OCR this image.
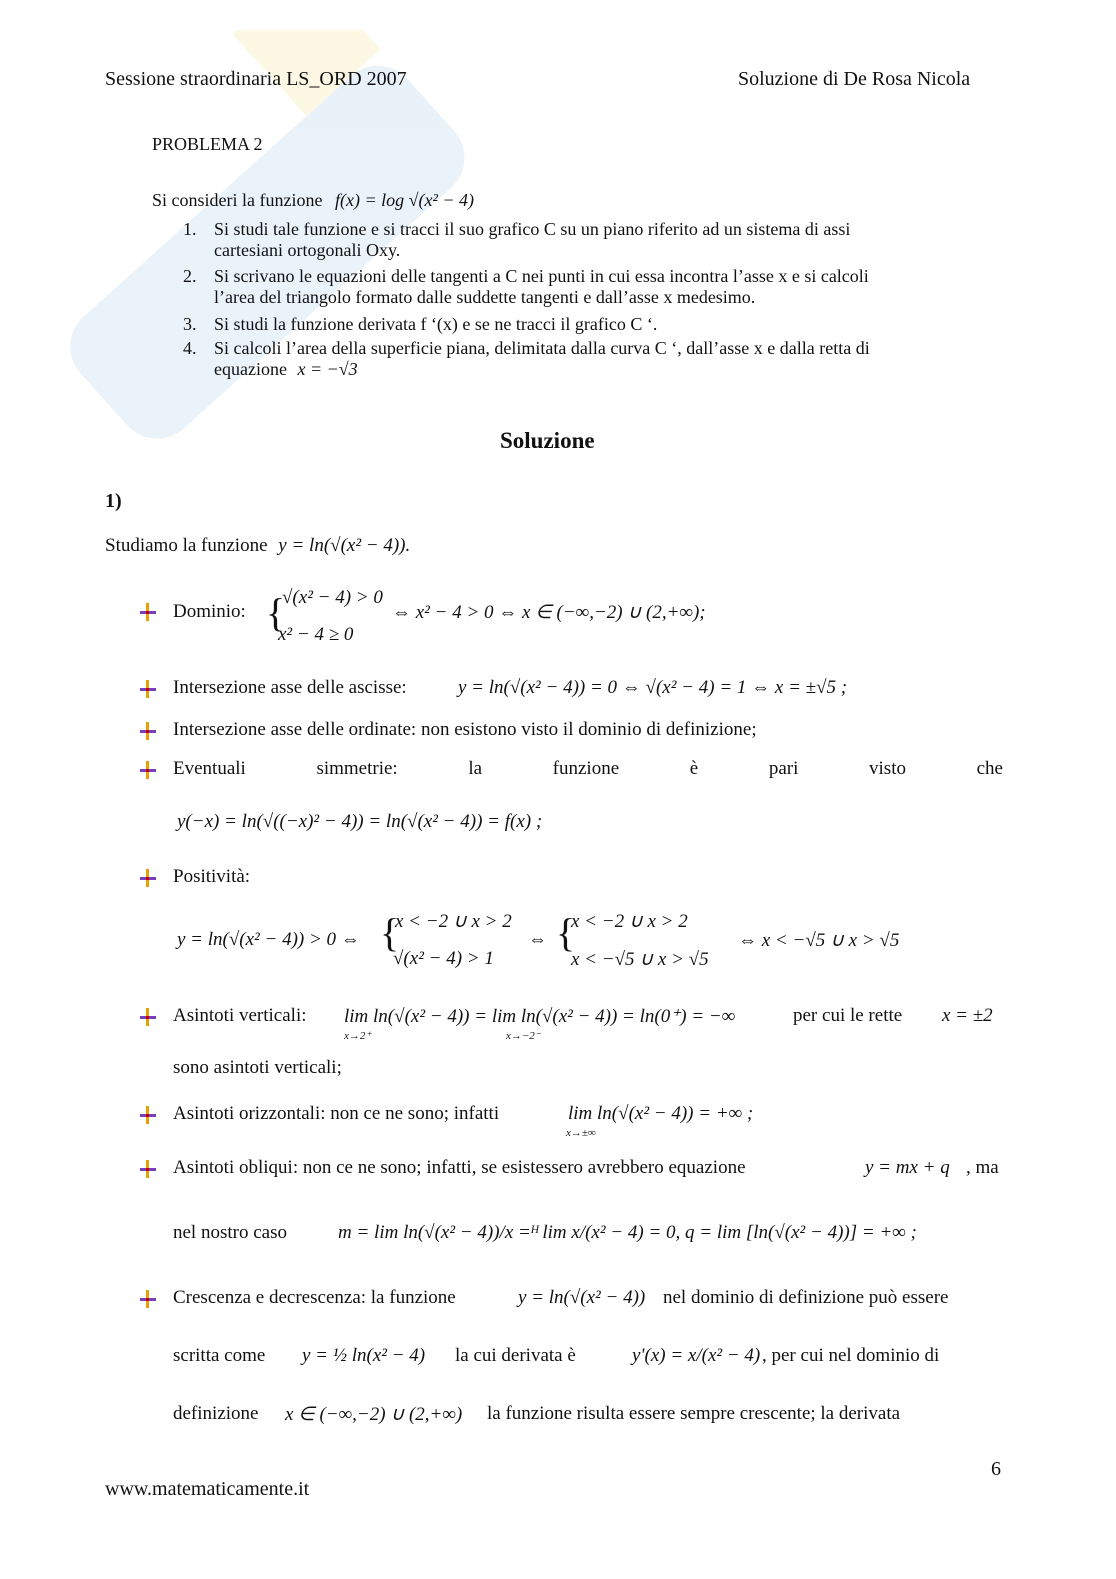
Sessione straordinaria LS_ORD 2007	Soluzione di De Rosa Nicola
PROBLEMA 2
Si consideri la funzione f(x) = log √(x² − 4)
1. Si studi tale funzione e si tracci il suo grafico C su un piano riferito ad un sistema di assi
cartesiani ortogonali Oxy.
2. Si scrivano le equazioni delle tangenti a C nei punti in cui essa incontra l’asse x e si calcoli
l’area del triangolo formato dalle suddette tangenti e dall’asse x medesimo.
3. Si studi la funzione derivata f ‘(x) e se ne tracci il grafico C ‘.
4. Si calcoli l’area della superficie piana, delimitata dalla curva C ‘, dall’asse x e dalla retta di
equazione x = −√3
Soluzione
1)
Studiamo la funzione y = ln(√(x² − 4)).
Dominio: {
√(x² − 4) > 0
x² − 4 ≥ 0
⇔ x² − 4 > 0 ⇔ x ∈ (−∞,−2) ∪ (2,+∞);
Intersezione asse delle ascisse:	y = ln(√(x² − 4)) = 0 ⇔ √(x² − 4) = 1 ⇔ x = ±√5 ;
Intersezione asse delle ordinate: non esistono visto il dominio di definizione;
Eventuali	simmetrie:	la	funzione	è	pari	visto	che
y(−x) = ln(√((−x)² − 4)) = ln(√(x² − 4)) = f(x) ;
Positività:
y = ln(√(x² − 4)) > 0 ⇔ {
x < −2 ∪ x > 2
√(x² − 4) > 1
⇔ {
x < −2 ∪ x > 2
x < −√5 ∪ x > √5
⇔ x < −√5 ∪ x > √5
Asintoti verticali: lim ln(√(x² − 4)) = lim ln(√(x² − 4)) = ln(0⁺) = −∞
x→2⁺	x→−2⁻
per cui le rette x = ±2
sono asintoti verticali;
Asintoti orizzontali: non ce ne sono; infatti	lim ln(√(x² − 4)) = +∞ ;
x→±∞
Asintoti obliqui: non ce ne sono; infatti, se esistessero avrebbero equazione	y = mx + q , ma
nel nostro caso	m = lim ln(√(x² − 4))/x =ᴴ lim x/(x² − 4) = 0, q = lim [ln(√(x² − 4))] = +∞ ;
Crescenza e decrescenza: la funzione	y = ln(√(x² − 4)) nel dominio di definizione può essere
scritta come y = ½ ln(x² − 4) la cui derivata è	y'(x) = x/(x² − 4) , per cui nel dominio di
definizione x ∈ (−∞,−2) ∪ (2,+∞) la funzione risulta essere sempre crescente; la derivata
6
www.matematicamente.it
